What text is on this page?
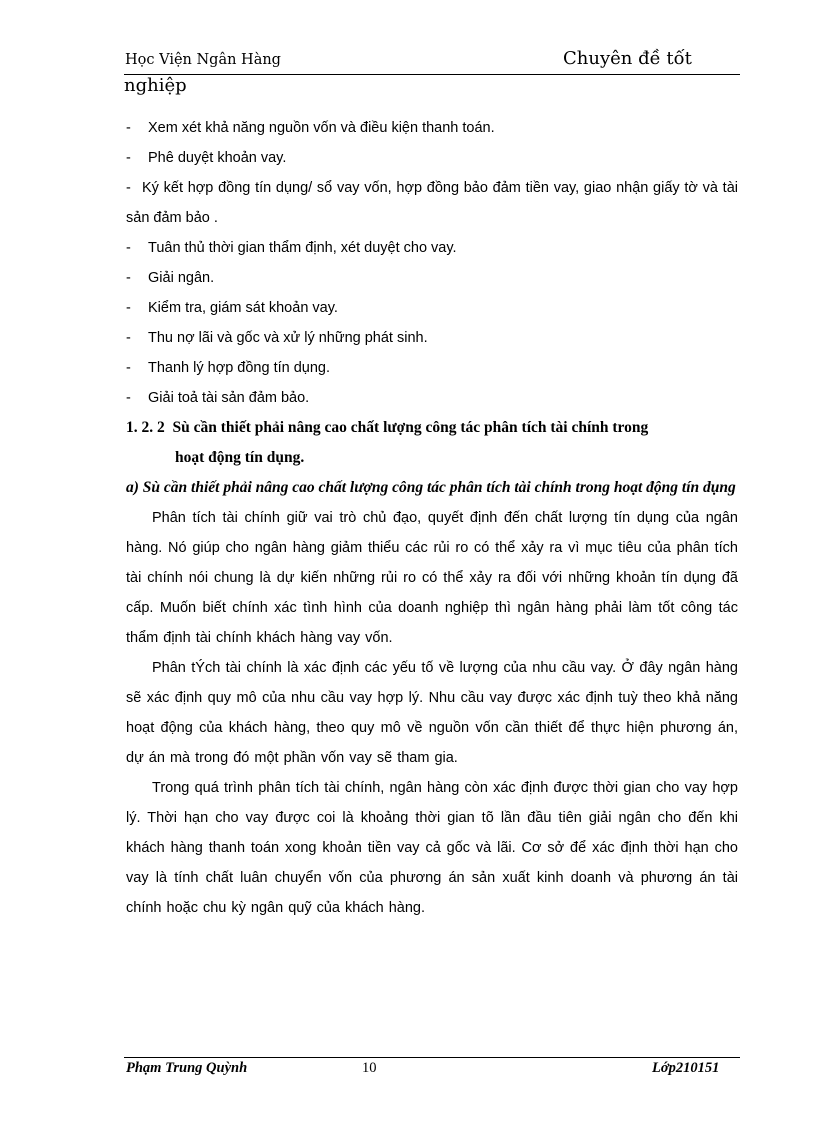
Học Viện Ngân Hàng	Chuyên đề tốt
nghiệp
- Xem xét khả năng nguồn vốn và điều kiện thanh toán.
- Phê duyệt khoản vay.
- Ký kết hợp đồng tín dụng/ sổ vay vốn, hợp đồng bảo đảm tiền vay, giao nhận giấy tờ và tài sản đảm bảo .
- Tuân thủ thời gian thẩm định, xét duyệt cho vay.
- Giải ngân.
- Kiểm tra, giám sát khoản vay.
- Thu nợ lãi và gốc và xử lý những phát sinh.
- Thanh lý hợp đồng tín dụng.
- Giải toả tài sản đảm bảo.
1. 2. 2 Sù cần thiết phải nâng cao chất lượng công tác phân tích tài chính trong
hoạt động tín dụng.
a) Sù cần thiết phải nâng cao chất lượng công tác phân tích tài chính trong hoạt động tín dụng

Phân tích tài chính giữ vai trò chủ đạo, quyết định đến chất lượng tín dụng của ngân hàng. Nó giúp cho ngân hàng giảm thiểu các rủi ro có thể xảy ra vì mục tiêu của phân tích tài chính nói chung là dự kiến những rủi ro có thể xảy ra đối với những khoản tín dụng đã cấp. Muốn biết chính xác tình hình của doanh nghiệp thì ngân hàng phải làm tốt công tác thẩm định tài chính khách hàng vay vốn.

Phân tÝch tài chính là xác định các yếu tố về lượng của nhu cầu vay. Ở đây ngân hàng sẽ xác định quy mô của nhu cầu vay hợp lý. Nhu cầu vay được xác định tuỳ theo khả năng hoạt động của khách hàng, theo quy mô về nguồn vốn cần thiết để thực hiện phương án, dự án mà trong đó một phần vốn vay sẽ tham gia.

Trong quá trình phân tích tài chính, ngân hàng còn xác định được thời gian cho vay hợp lý. Thời hạn cho vay được coi là khoảng thời gian tõ lần đầu tiên giải ngân cho đến khi khách hàng thanh toán xong khoản tiền vay cả gốc và lãi. Cơ sở để xác định thời hạn cho vay là tính chất luân chuyển vốn của phương án sản xuất kinh doanh và phương án tài chính hoặc chu kỳ ngân quỹ của khách hàng.

Phạm Trung Quỳnh	10	Lớp210151
